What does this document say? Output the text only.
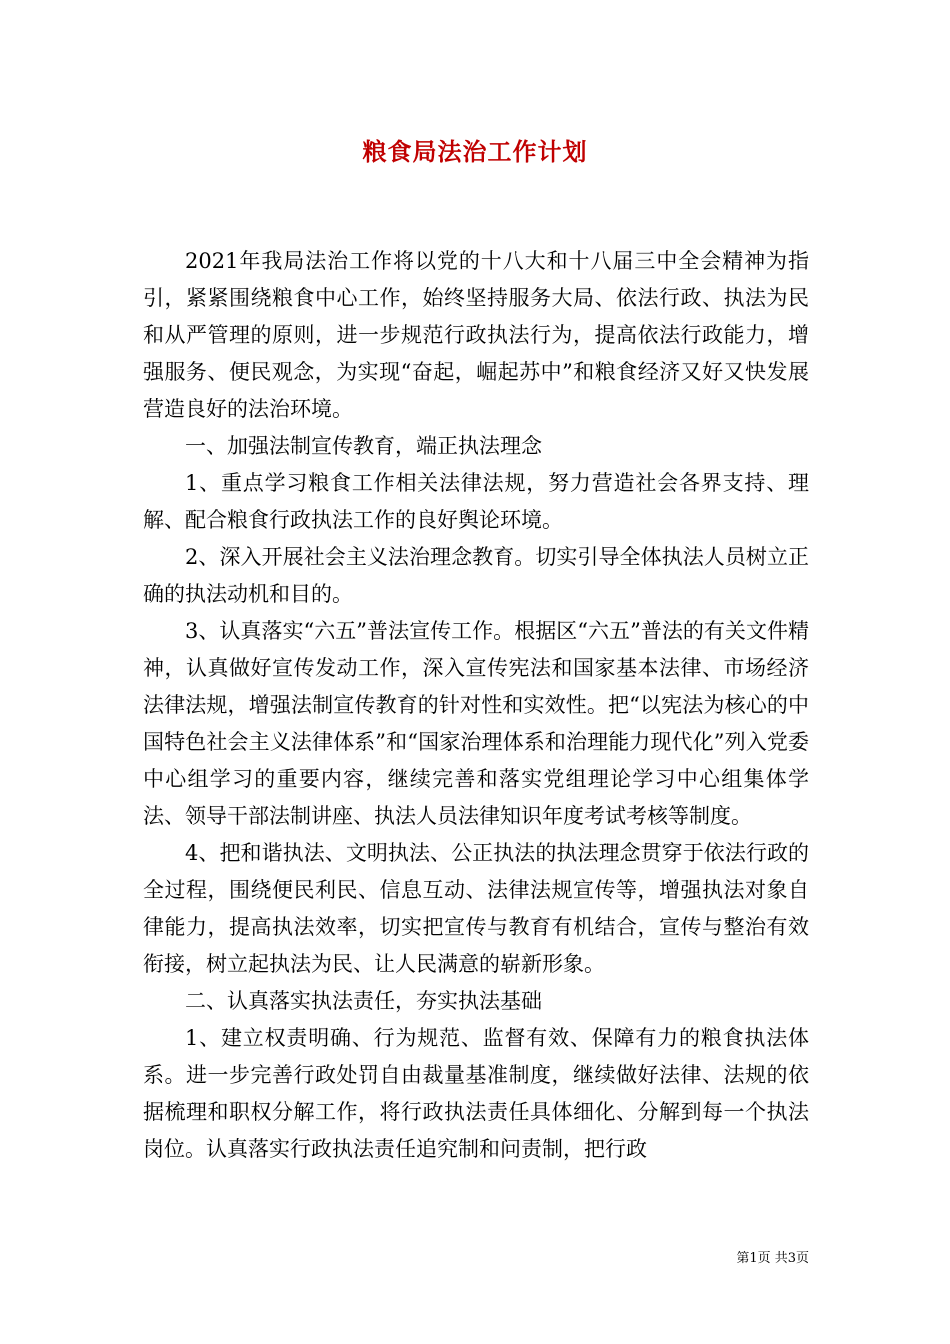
粮食局法治工作计划

2021年我局法治工作将以党的十八大和十八届三中全会精神为指引，紧紧围绕粮食中心工作，始终坚持服务大局、依法行政、执法为民和从严管理的原则，进一步规范行政执法行为，提高依法行政能力，增强服务、便民观念，为实现“奋起，崛起苏中”和粮食经济又好又快发展营造良好的法治环境。

一、加强法制宣传教育，端正执法理念

1、重点学习粮食工作相关法律法规，努力营造社会各界支持、理解、配合粮食行政执法工作的良好舆论环境。

2、深入开展社会主义法治理念教育。切实引导全体执法人员树立正确的执法动机和目的。

3、认真落实“六五”普法宣传工作。根据区“六五”普法的有关文件精神，认真做好宣传发动工作，深入宣传宪法和国家基本法律、市场经济法律法规，增强法制宣传教育的针对性和实效性。把“以宪法为核心的中国特色社会主义法律体系”和“国家治理体系和治理能力现代化”列入党委中心组学习的重要内容，继续完善和落实党组理论学习中心组集体学法、领导干部法制讲座、执法人员法律知识年度考试考核等制度。

4、把和谐执法、文明执法、公正执法的执法理念贯穿于依法行政的全过程，围绕便民利民、信息互动、法律法规宣传等，增强执法对象自律能力，提高执法效率，切实把宣传与教育有机结合，宣传与整治有效衔接，树立起执法为民、让人民满意的崭新形象。

二、认真落实执法责任，夯实执法基础

1、建立权责明确、行为规范、监督有效、保障有力的粮食执法体系。进一步完善行政处罚自由裁量基准制度，继续做好法律、法规的依据梳理和职权分解工作，将行政执法责任具体细化、分解到每一个执法岗位。认真落实行政执法责任追究制和问责制，把行政

第1页 共3页
